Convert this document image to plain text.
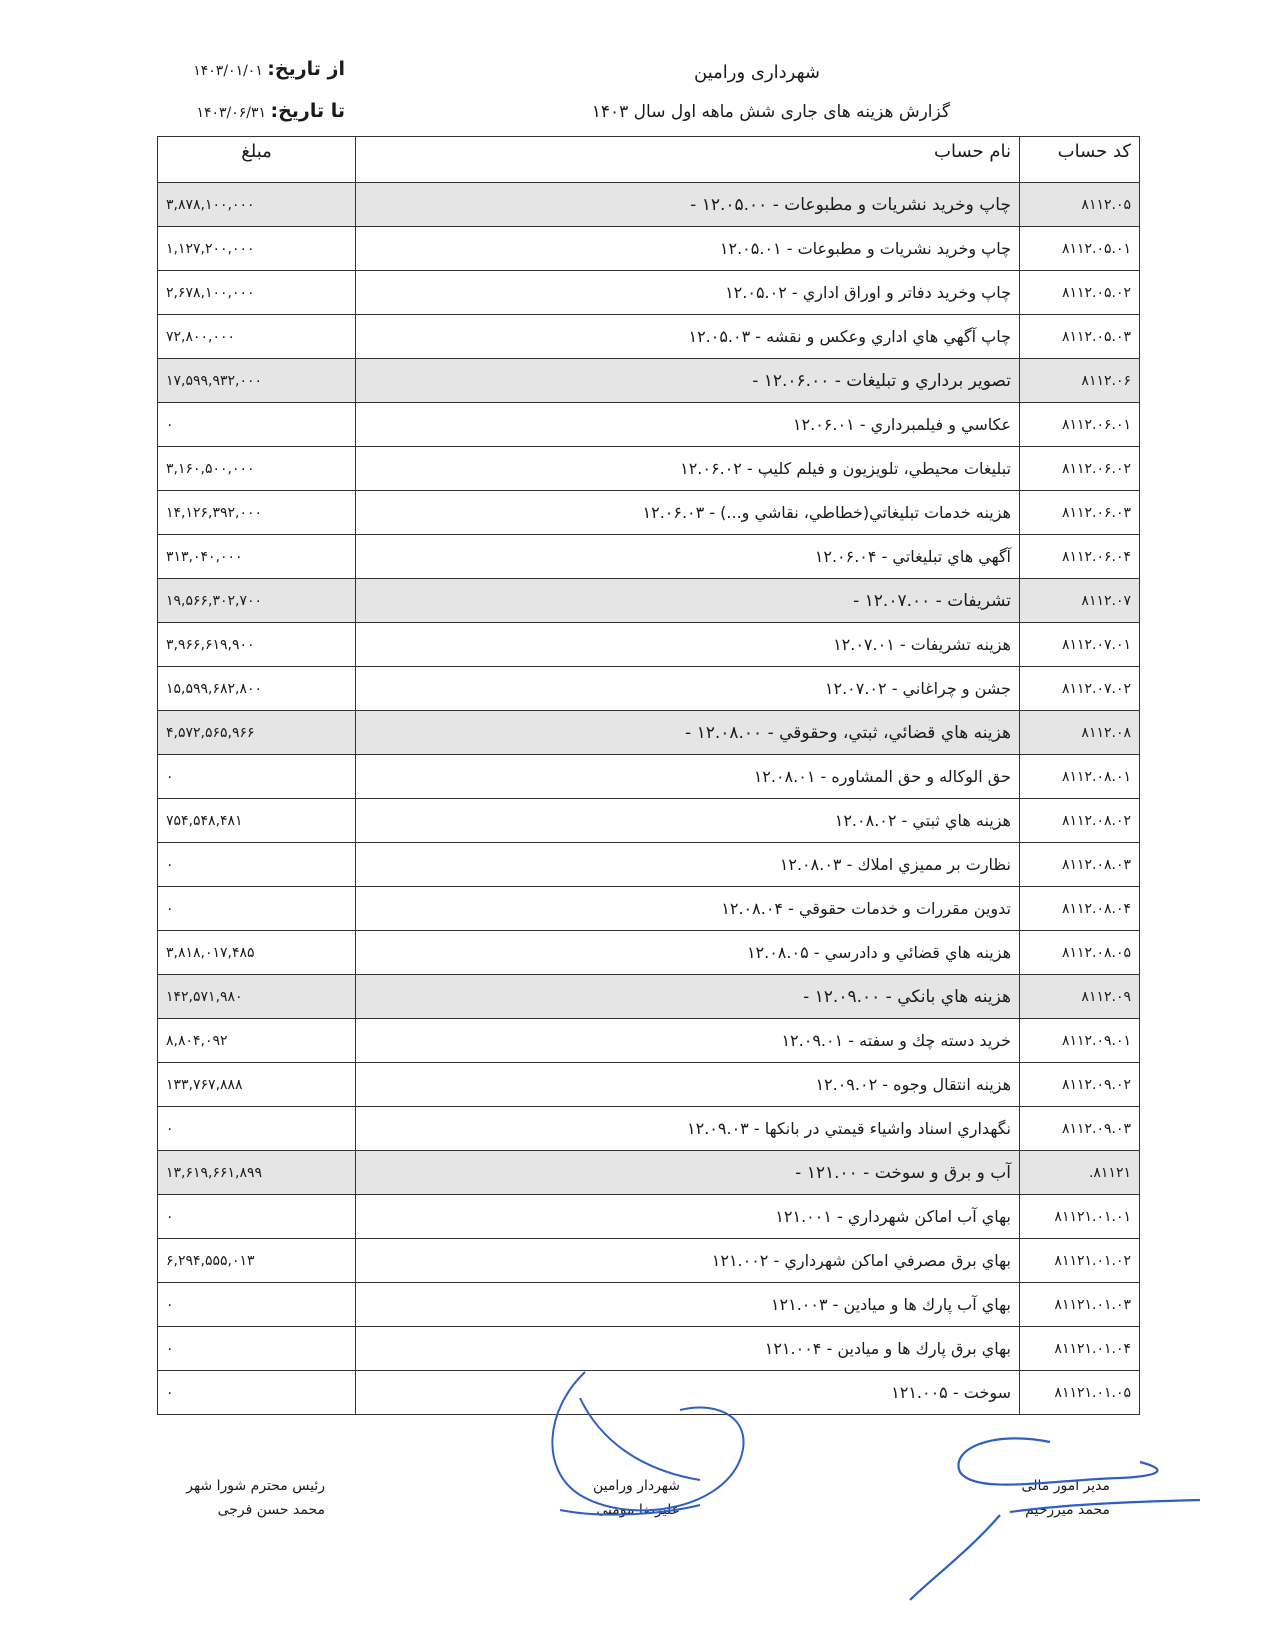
شهرداری ورامین
گزارش هزینه های جاری شش ماهه اول سال ۱۴۰۳
از تاریخ: ۱۴۰۳/۰۱/۰۱
تا تاریخ: ۱۴۰۳/۰۶/۳۱
کد حساب	نام حساب	مبلغ
۸۱۱۲.۰۵	چاپ وخرید نشریات و مطبوعات - ۱۲.۰۵.۰۰ -	۳,۸۷۸,۱۰۰,۰۰۰
۸۱۱۲.۰۵.۰۱	چاپ وخرید نشریات و مطبوعات - ۱۲.۰۵.۰۱	۱,۱۲۷,۲۰۰,۰۰۰
۸۱۱۲.۰۵.۰۲	چاپ وخرید دفاتر و اوراق اداري - ۱۲.۰۵.۰۲	۲,۶۷۸,۱۰۰,۰۰۰
۸۱۱۲.۰۵.۰۳	چاپ آگهي هاي اداري وعکس و نقشه - ۱۲.۰۵.۰۳	۷۲,۸۰۰,۰۰۰
۸۱۱۲.۰۶	تصوير برداري و تبليغات - ۱۲.۰۶.۰۰ -	۱۷,۵۹۹,۹۳۲,۰۰۰
۸۱۱۲.۰۶.۰۱	عکاسي و فيلمبرداري - ۱۲.۰۶.۰۱	۰
۸۱۱۲.۰۶.۰۲	تبليغات محيطي، تلويزيون و فيلم کليپ - ۱۲.۰۶.۰۲	۳,۱۶۰,۵۰۰,۰۰۰
۸۱۱۲.۰۶.۰۳	هزينه خدمات تبليغاتي(خطاطي، نقاشي و...) - ۱۲.۰۶.۰۳	۱۴,۱۲۶,۳۹۲,۰۰۰
۸۱۱۲.۰۶.۰۴	آگهي هاي تبليغاتي - ۱۲.۰۶.۰۴	۳۱۳,۰۴۰,۰۰۰
۸۱۱۲.۰۷	تشريفات - ۱۲.۰۷.۰۰ -	۱۹,۵۶۶,۳۰۲,۷۰۰
۸۱۱۲.۰۷.۰۱	هزينه تشريفات - ۱۲.۰۷.۰۱	۳,۹۶۶,۶۱۹,۹۰۰
۸۱۱۲.۰۷.۰۲	جشن و چراغاني - ۱۲.۰۷.۰۲	۱۵,۵۹۹,۶۸۲,۸۰۰
۸۱۱۲.۰۸	هزينه هاي قضائي، ثبتي، وحقوقي - ۱۲.۰۸.۰۰ -	۴,۵۷۲,۵۶۵,۹۶۶
۸۱۱۲.۰۸.۰۱	حق الوکاله و حق المشاوره - ۱۲.۰۸.۰۱	۰
۸۱۱۲.۰۸.۰۲	هزينه هاي ثبتي - ۱۲.۰۸.۰۲	۷۵۴,۵۴۸,۴۸۱
۸۱۱۲.۰۸.۰۳	نظارت بر مميزي املاك - ۱۲.۰۸.۰۳	۰
۸۱۱۲.۰۸.۰۴	تدوين مقررات و خدمات حقوقي - ۱۲.۰۸.۰۴	۰
۸۱۱۲.۰۸.۰۵	هزينه هاي قضائي و دادرسي - ۱۲.۰۸.۰۵	۳,۸۱۸,۰۱۷,۴۸۵
۸۱۱۲.۰۹	هزينه هاي بانكي - ۱۲.۰۹.۰۰ -	۱۴۲,۵۷۱,۹۸۰
۸۱۱۲.۰۹.۰۱	خريد دسته چك و سفته - ۱۲.۰۹.۰۱	۸,۸۰۴,۰۹۲
۸۱۱۲.۰۹.۰۲	هزينه انتقال وجوه - ۱۲.۰۹.۰۲	۱۳۳,۷۶۷,۸۸۸
۸۱۱۲.۰۹.۰۳	نگهداري اسناد واشياء قيمتي در بانكها - ۱۲.۰۹.۰۳	۰
۸۱۱۲۱.	آب و برق و سوخت - ۱۲۱.۰۰ -	۱۳,۶۱۹,۶۶۱,۸۹۹
۸۱۱۲۱.۰۱.۰۱	بهاي آب اماكن شهرداري - ۱۲۱.۰۰۱	۰
۸۱۱۲۱.۰۱.۰۲	بهاي برق مصرفي اماكن شهرداري - ۱۲۱.۰۰۲	۶,۲۹۴,۵۵۵,۰۱۳
۸۱۱۲۱.۰۱.۰۳	بهاي آب پارك ها و ميادين - ۱۲۱.۰۰۳	۰
۸۱۱۲۱.۰۱.۰۴	بهاي برق پارك ها و ميادين - ۱۲۱.۰۰۴	۰
۸۱۱۲۱.۰۱.۰۵	سوخت - ۱۲۱.۰۰۵	۰
رئیس محترم شورا شهر
محمد حسن فرجی
شهردار ورامین
علیرضا مومنی
مدیر امور مالی
محمد میرزحیم
